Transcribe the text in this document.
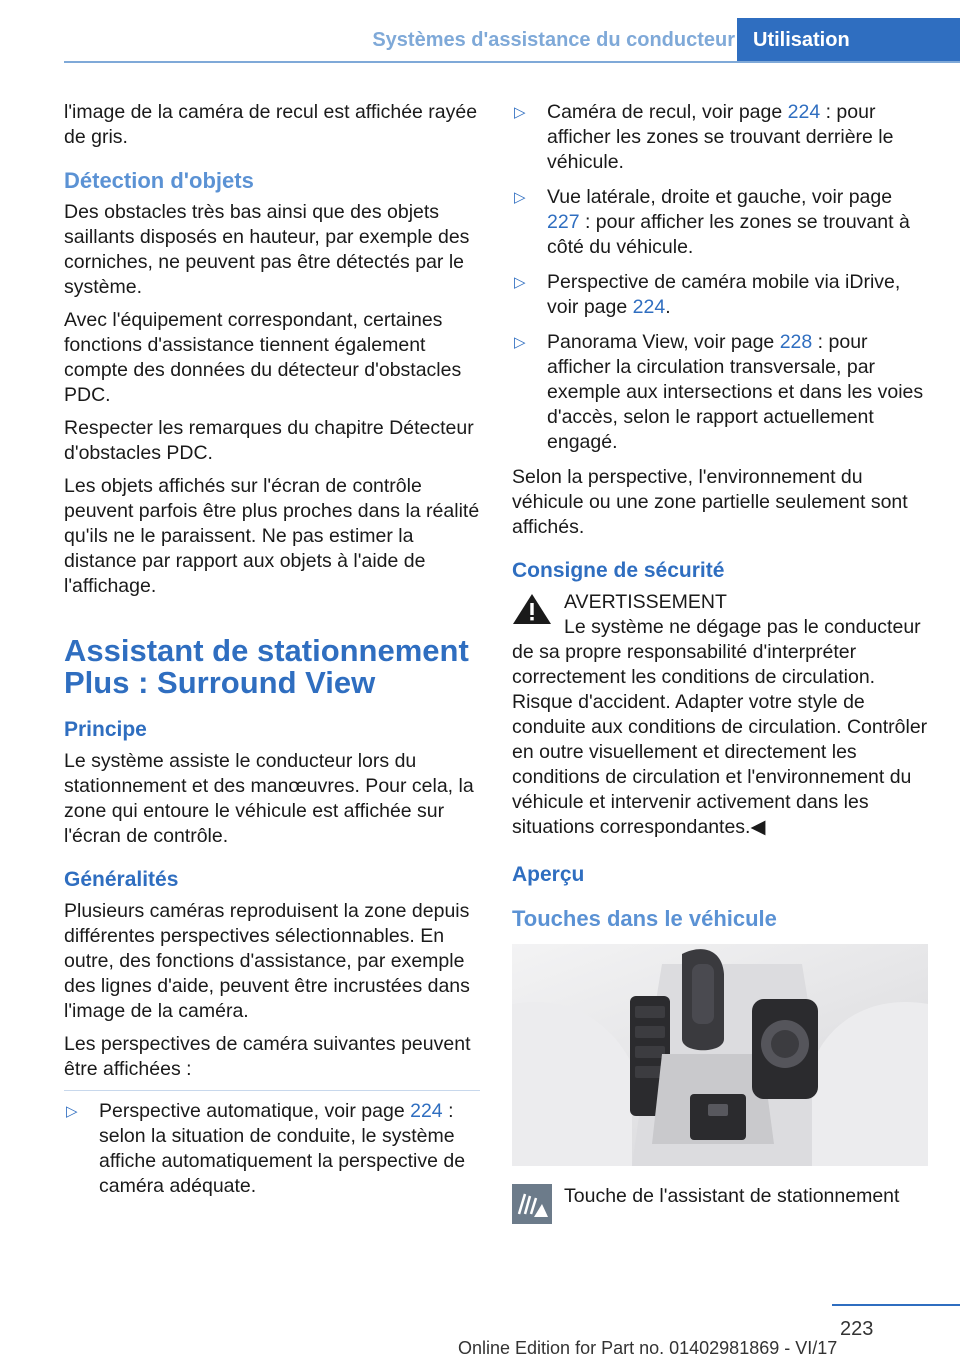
Systèmes d'assistance du conducteur Utilisation

l'image de la caméra de recul est affichée rayée de gris.

Détection d'objets

Des obstacles très bas ainsi que des objets saillants disposés en hauteur, par exemple des corniches, ne peuvent pas être détectés par le système.

Avec l'équipement correspondant, certaines fonctions d'assistance tiennent également compte des données du détecteur d'obstacles PDC.

Respecter les remarques du chapitre Détecteur d'obstacles PDC.

Les objets affichés sur l'écran de contrôle peuvent parfois être plus proches dans la réalité qu'ils ne le paraissent. Ne pas estimer la distance par rapport aux objets à l'aide de l'affichage.

Assistant de stationnement Plus : Surround View
Principe

Le système assiste le conducteur lors du stationnement et des manœuvres. Pour cela, la zone qui entoure le véhicule est affichée sur l'écran de contrôle.

Généralités

Plusieurs caméras reproduisent la zone depuis différentes perspectives sélectionnables. En outre, des fonctions d'assistance, par exemple des lignes d'aide, peuvent être incrustées dans l'image de la caméra.

Les perspectives de caméra suivantes peuvent être affichées :

▷ Perspective automatique, voir page 224 : selon la situation de conduite, le système affiche automatiquement la perspective de caméra adéquate.
▷ Caméra de recul, voir page 224 : pour afficher les zones se trouvant derrière le véhicule.
▷ Vue latérale, droite et gauche, voir page 227 : pour afficher les zones se trouvant à côté du véhicule.
▷ Perspective de caméra mobile via iDrive, voir page 224.
▷ Panorama View, voir page 228 : pour afficher la circulation transversale, par exemple aux intersections et dans les voies d'accès, selon le rapport actuellement engagé.

Selon la perspective, l'environnement du véhicule ou une zone partielle seulement sont affichés.

Consigne de sécurité
AVERTISSEMENT

Le système ne dégage pas le conducteur de sa propre responsabilité d'interpréter correctement les conditions de circulation. Risque d'accident. Adapter votre style de conduite aux conditions de circulation. Contrôler en outre visuellement et directement les conditions de circulation et l'environnement du véhicule et intervenir activement dans les situations correspondantes.◀

Aperçu
Touches dans le véhicule
Touche de l'assistant de stationnement
223
Online Edition for Part no. 01402981869 - VI/17
